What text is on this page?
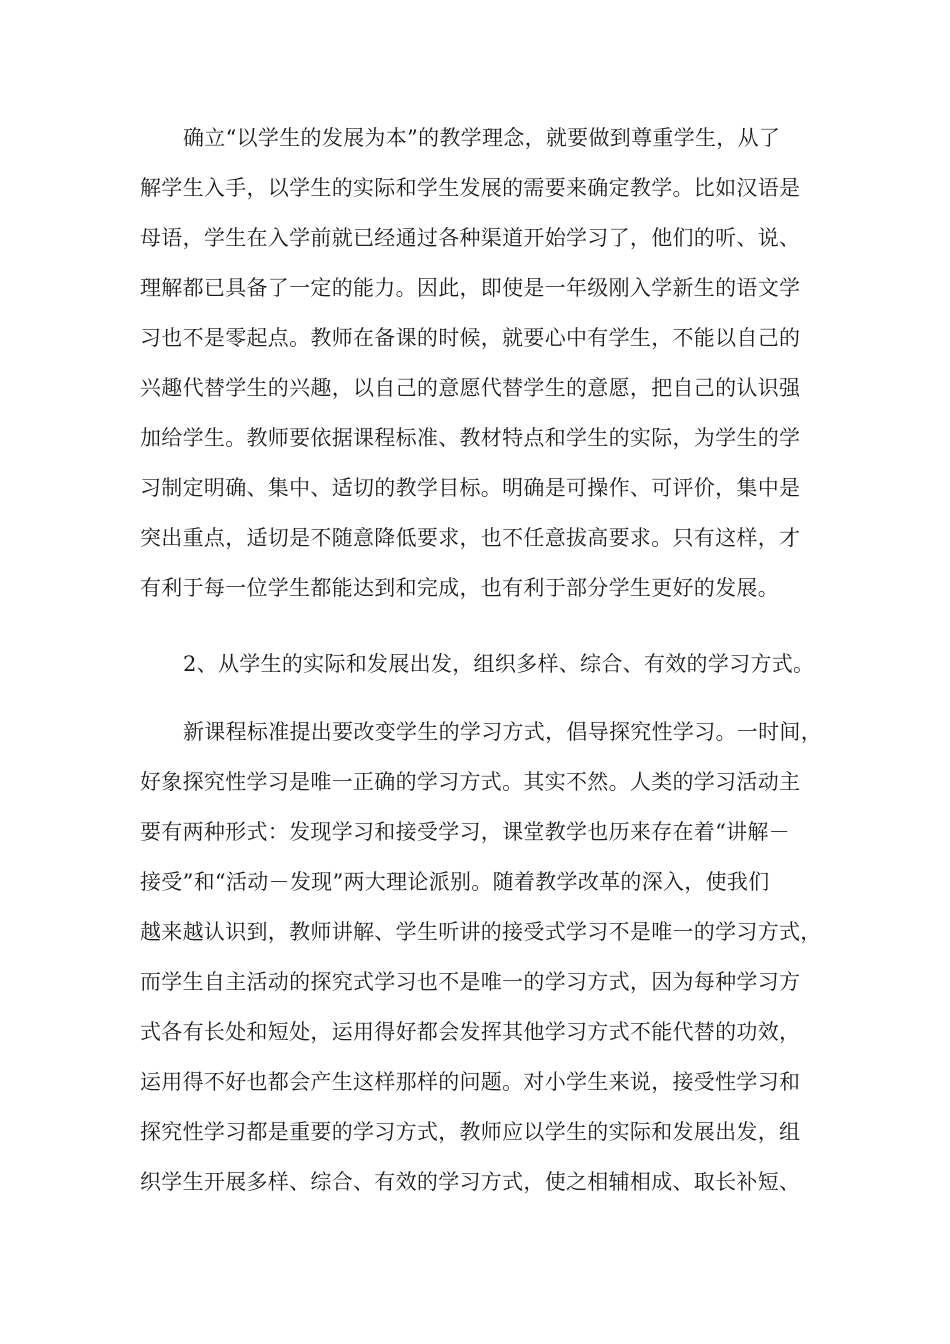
确立“以学生的发展为本”的教学理念，就要做到尊重学生，从了
解学生入手，以学生的实际和学生发展的需要来确定教学。比如汉语是
母语，学生在入学前就已经通过各种渠道开始学习了，他们的听、说、
理解都已具备了一定的能力。因此，即使是一年级刚入学新生的语文学
习也不是零起点。教师在备课的时候，就要心中有学生，不能以自己的
兴趣代替学生的兴趣，以自己的意愿代替学生的意愿，把自己的认识强
加给学生。教师要依据课程标准、教材特点和学生的实际，为学生的学
习制定明确、集中、适切的教学目标。明确是可操作、可评价，集中是
突出重点，适切是不随意降低要求，也不任意拔高要求。只有这样，才
有利于每一位学生都能达到和完成，也有利于部分学生更好的发展。
2、从学生的实际和发展出发，组织多样、综合、有效的学习方式。
新课程标准提出要改变学生的学习方式，倡导探究性学习。一时间，
好象探究性学习是唯一正确的学习方式。其实不然。人类的学习活动主
要有两种形式：发现学习和接受学习，课堂教学也历来存在着“讲解－
接受”和“活动－发现”两大理论派别。随着教学改革的深入，使我们
越来越认识到，教师讲解、学生听讲的接受式学习不是唯一的学习方式，
而学生自主活动的探究式学习也不是唯一的学习方式，因为每种学习方
式各有长处和短处，运用得好都会发挥其他学习方式不能代替的功效，
运用得不好也都会产生这样那样的问题。对小学生来说，接受性学习和
探究性学习都是重要的学习方式，教师应以学生的实际和发展出发，组
织学生开展多样、综合、有效的学习方式，使之相辅相成、取长补短、
